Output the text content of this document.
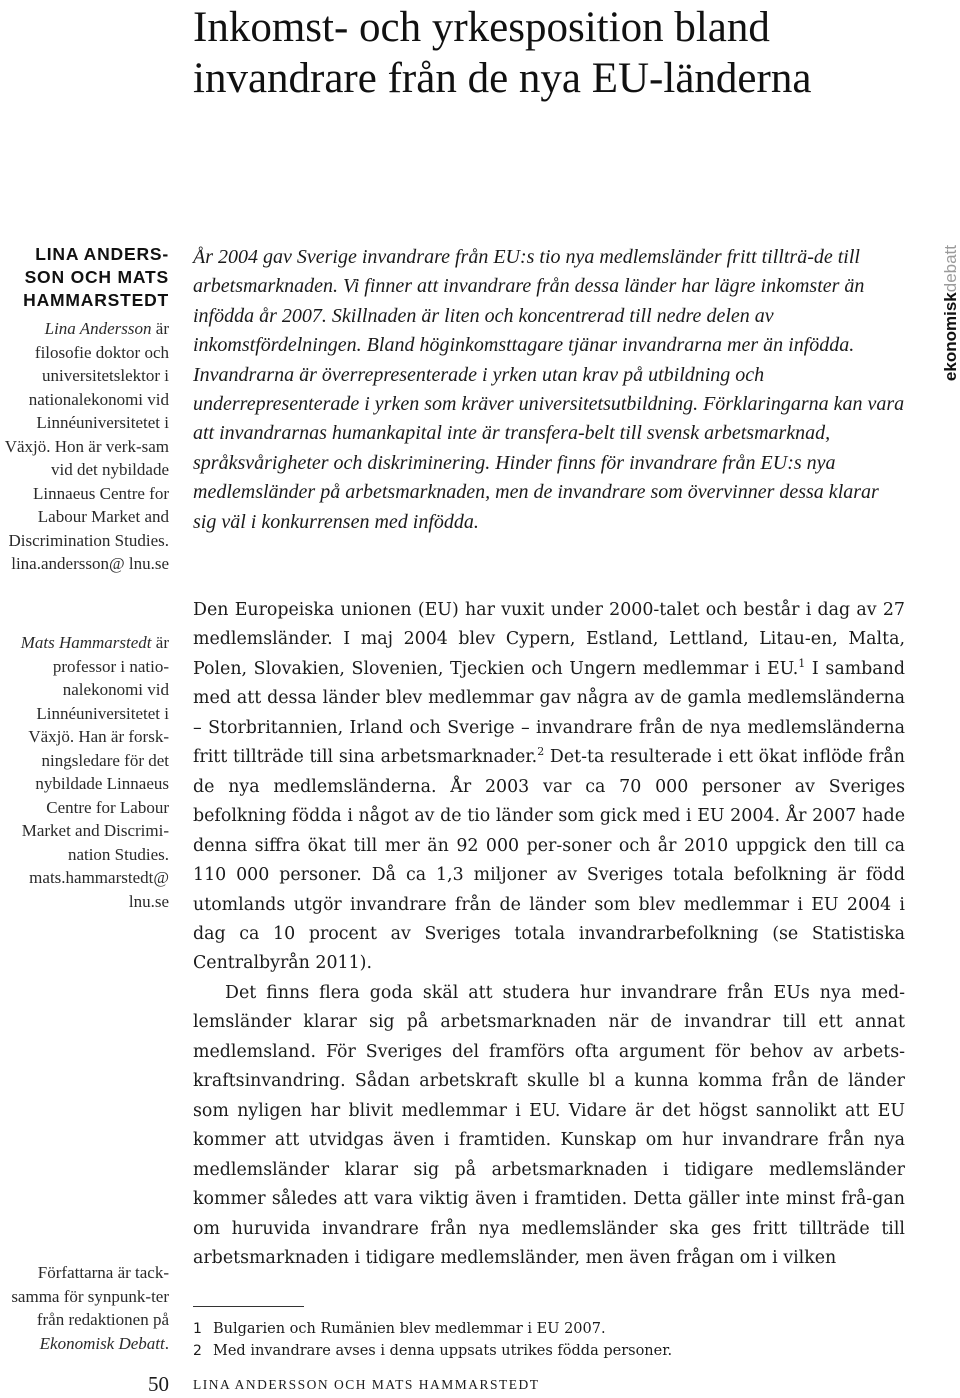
Inkomst- och yrkesposition bland invandrare från de nya EU-länderna
ekonomiskdebatt
LINA ANDERS-SON OCH MATS HAMMARSTEDT

Lina Andersson är filosofie doktor och universitetslektor i nationalekonomi vid Linnéuniversitetet i Växjö. Hon är verk-sam vid det nybildade Linnaeus Centre for Labour Market and Discrimination Studies.

lina.andersson@ lnu.se

Mats Hammarstedt är professor i natio-nalekonomi vid Linnéuniversitetet i Växjö. Han är forsk-ningsledare för det nybildade Linnaeus Centre for Labour Market and Discrimi-nation Studies.

mats.hammarstedt@ lnu.se

Författarna är tack-samma för synpunk-ter från redaktionen på Ekonomisk Debatt.

År 2004 gav Sverige invandrare från EU:s tio nya medlemsländer fritt tillträ-de till arbetsmarknaden. Vi finner att invandrare från dessa länder har lägre inkomster än infödda år 2007. Skillnaden är liten och koncentrerad till nedre delen av inkomstfördelningen. Bland höginkomsttagare tjänar invandrarna mer än infödda. Invandrarna är överrepresenterade i yrken utan krav på utbildning och underrepresenterade i yrken som kräver universitetsutbildning. Förklaringarna kan vara att invandrarnas humankapital inte är transfera-belt till svensk arbetsmarknad, språksvårigheter och diskriminering. Hinder finns för invandrare från EU:s nya medlemsländer på arbetsmarknaden, men de invandrare som övervinner dessa klarar sig väl i konkurrensen med infödda.

Den Europeiska unionen (EU) har vuxit under 2000-talet och består i dag av 27 medlemsländer. I maj 2004 blev Cypern, Estland, Lettland, Litau-en, Malta, Polen, Slovakien, Slovenien, Tjeckien och Ungern medlemmar i EU.$^1$ I samband med att dessa länder blev medlemmar gav några av de gamla medlemsländerna – Storbritannien, Irland och Sverige – invandrare från de nya medlemsländerna fritt tillträde till sina arbetsmarknader.$^2$ Det-ta resulterade i ett ökat inflöde från de nya medlemsländerna. År 2003 var ca 70 000 personer av Sveriges befolkning födda i något av de tio länder som gick med i EU 2004. År 2007 hade denna siffra ökat till mer än 92 000 per-soner och år 2010 uppgick den till ca 110 000 personer. Då ca 1,3 miljoner av Sveriges totala befolkning är född utomlands utgör invandrare från de länder som blev medlemmar i EU 2004 i dag ca 10 procent av Sveriges totala invandrarbefolkning (se Statistiska Centralbyrån 2011).

Det finns flera goda skäl att studera hur invandrare från EUs nya med-lemsländer klarar sig på arbetsmarknaden när de invandrar till ett annat medlemsland. För Sveriges del framförs ofta argument för behov av arbets-kraftsinvandring. Sådan arbetskraft skulle bl a kunna komma från de länder som nyligen har blivit medlemmar i EU. Vidare är det högst sannolikt att EU kommer att utvidgas även i framtiden. Kunskap om hur invandrare från nya medlemsländer klarar sig på arbetsmarknaden i tidigare medlemsländer kommer således att vara viktig även i framtiden. Detta gäller inte minst frå-gan om huruvida invandrare från nya medlemsländer ska ges fritt tillträde till arbetsmarknaden i tidigare medlemsländer, men även frågan om i vilken

1 Bulgarien och Rumänien blev medlemmar i EU 2007.
2 Med invandrare avses i denna uppsats utrikes födda personer.
50 LINA ANDERSSON OCH MATS HAMMARSTEDT
